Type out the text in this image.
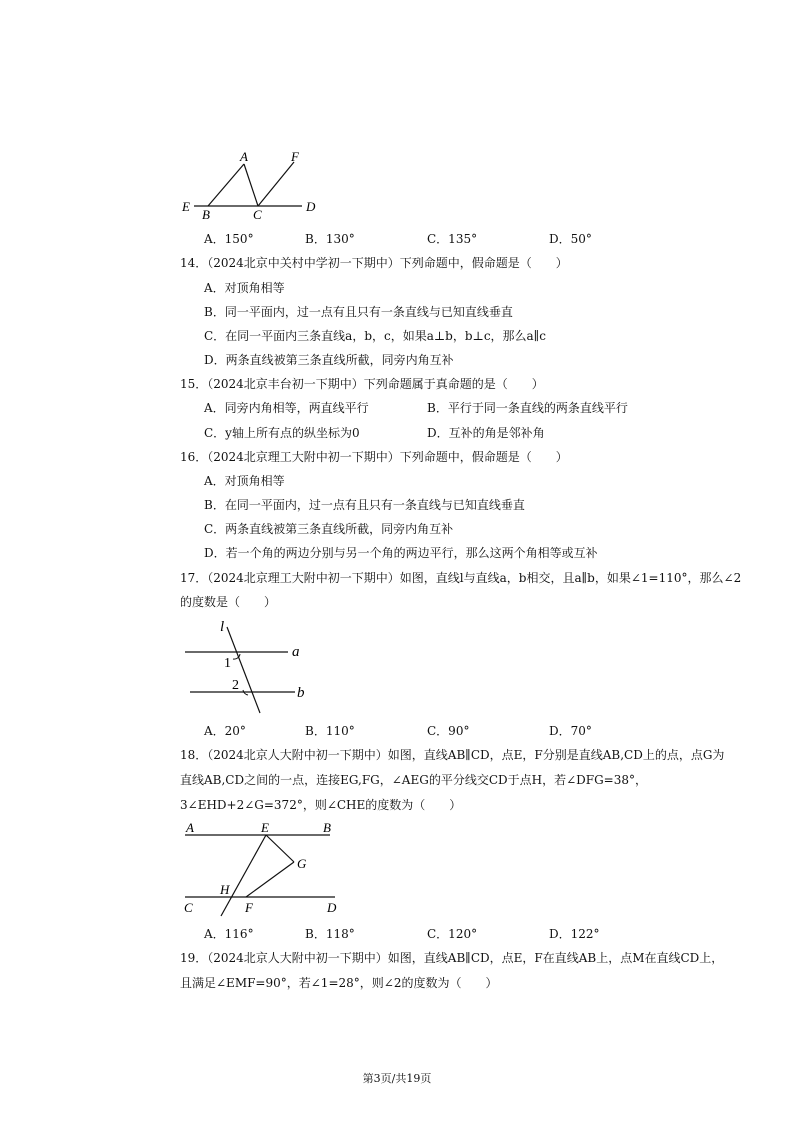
A	F
E
B	C
D
A．150°	B．130°	C．135°	D．50°
14．（2024北京中关村中学初一下期中）下列命题中，假命题是（　　）
A．对顶角相等
B．同一平面内，过一点有且只有一条直线与已知直线垂直
C．在同一平面内三条直线a，b，c，如果a⊥b，b⊥c，那么a∥c
D．两条直线被第三条直线所截，同旁内角互补
15．（2024北京丰台初一下期中）下列命题属于真命题的是（　　）
A．同旁内角相等，两直线平行	B．平行于同一条直线的两条直线平行
C．y轴上所有点的纵坐标为0	D．互补的角是邻补角
16．（2024北京理工大附中初一下期中）下列命题中，假命题是（　　）
A．对顶角相等
B．在同一平面内，过一点有且只有一条直线与已知直线垂直
C．两条直线被第三条直线所截，同旁内角互补
D．若一个角的两边分别与另一个角的两边平行，那么这两个角相等或互补
17．（2024北京理工大附中初一下期中）如图，直线l与直线a，b相交，且a∥b，如果∠1=110°，那么∠2
的度数是（　　）
l
a
b
1
2
A．20°	B．110°	C．90°	D．70°
18．（2024北京人大附中初一下期中）如图，直线AB∥CD，点E，F分别是直线AB,CD上的点，点G为
直线AB,CD之间的一点，连接EG,FG，∠AEG的平分线交CD于点H，若∠DFG=38°，
3∠EHD+2∠G=372°，则∠CHE的度数为（　　）
A	E	B
G
H
C	F	D
A．116°	B．118°	C．120°	D．122°
19．（2024北京人大附中初一下期中）如图，直线AB∥CD，点E，F在直线AB上，点M在直线CD上，
且满足∠EMF=90°，若∠1=28°，则∠2的度数为（　　）
第3页/共19页
